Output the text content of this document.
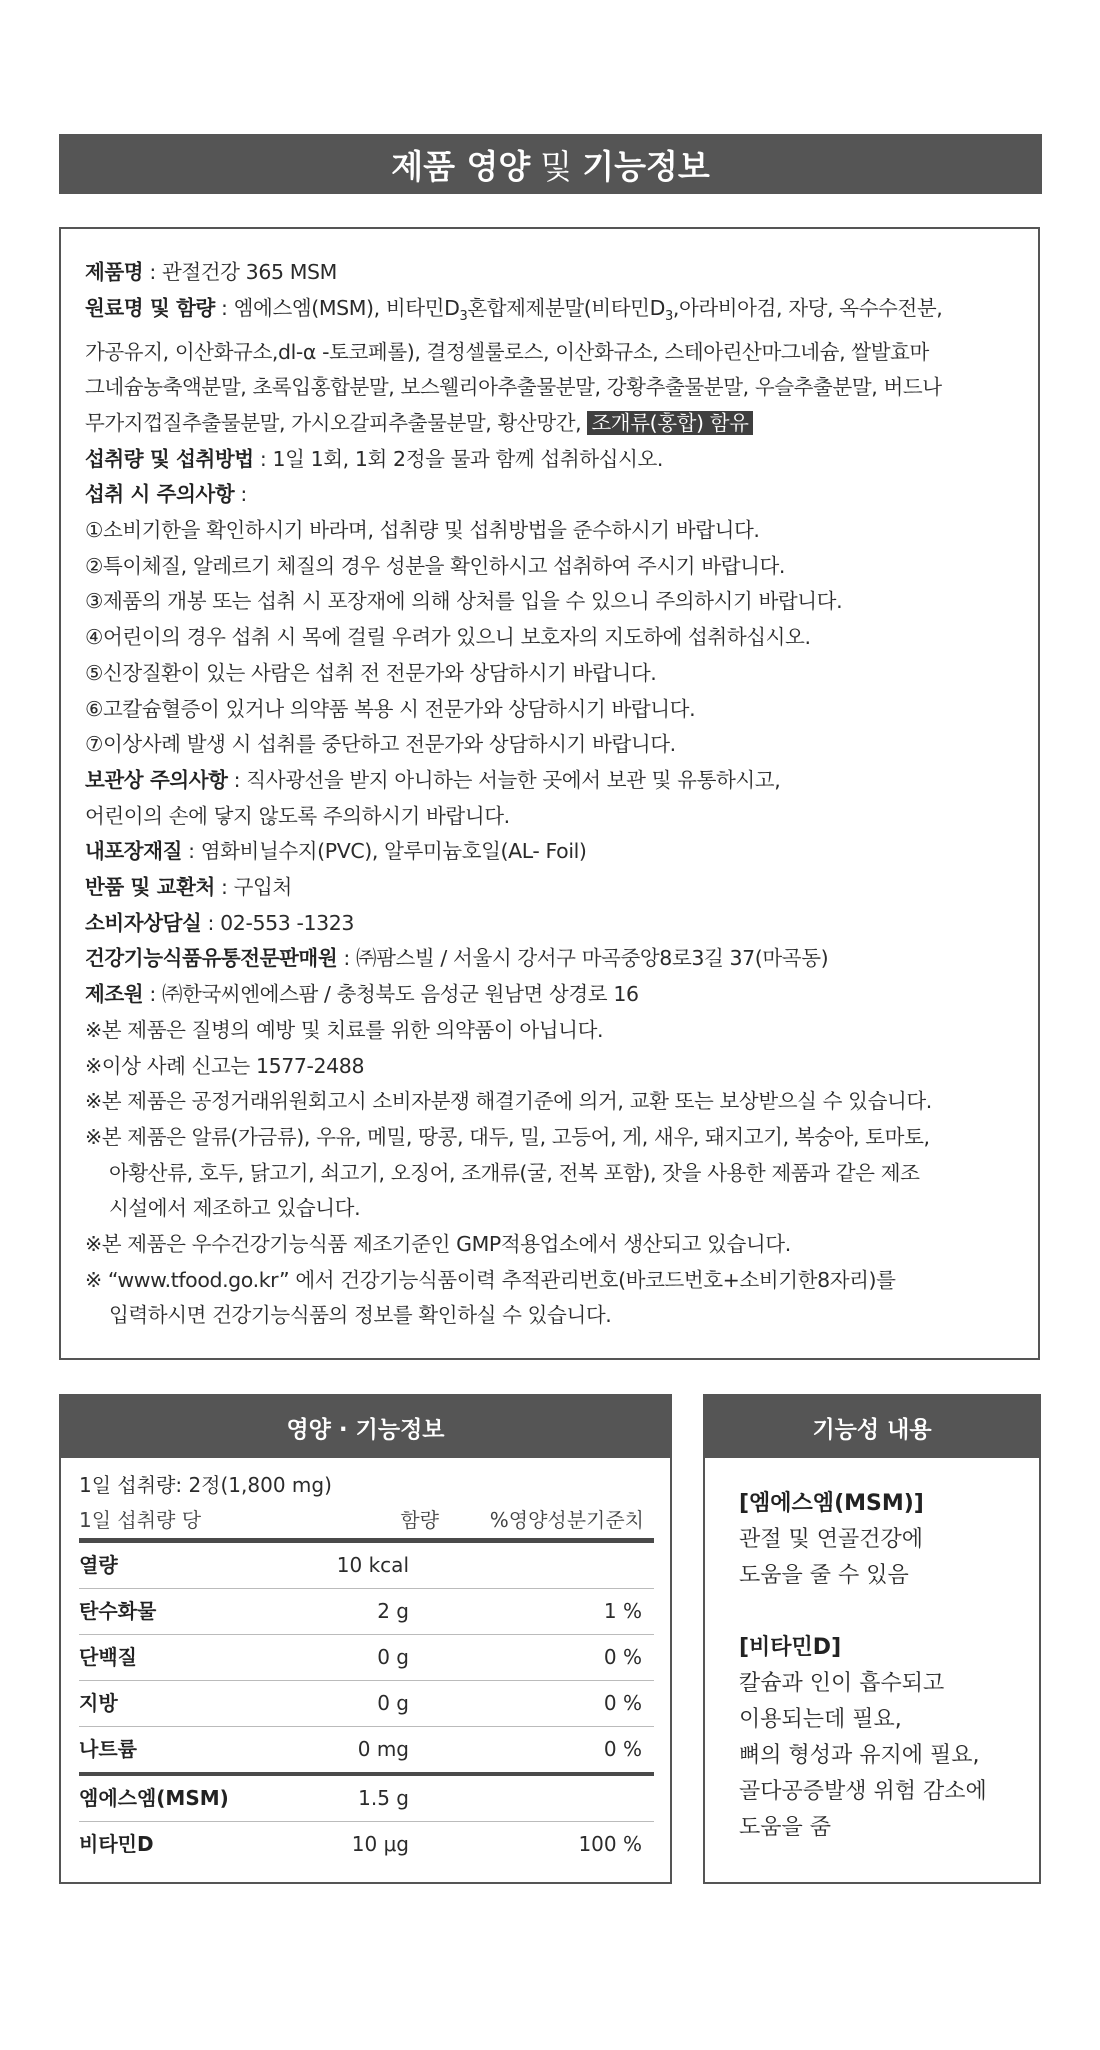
제품 영양 및 기능정보

제품명 : 관절건강 365 MSM

원료명 및 함량 : 엠에스엠(MSM), 비타민$D_3$혼합제제분말(비타민$D_3$,아라비아검, 자당, 옥수수전분,

가공유지, 이산화규소,dl-α -토코페롤), 결정셀룰로스, 이산화규소, 스테아린산마그네슘, 쌀발효마

그네슘농축액분말, 초록입홍합분말, 보스웰리아추출물분말, 강황추출물분말, 우슬추출분말, 버드나

무가지껍질추출물분말, 가시오갈피추출물분말, 황산망간, 조개류(홍합) 함유

섭취량 및 섭취방법 : 1일 1회, 1회 2정을 물과 함께 섭취하십시오.

섭취 시 주의사항 :

①소비기한을 확인하시기 바라며, 섭취량 및 섭취방법을 준수하시기 바랍니다.

②특이체질, 알레르기 체질의 경우 성분을 확인하시고 섭취하여 주시기 바랍니다.

③제품의 개봉 또는 섭취 시 포장재에 의해 상처를 입을 수 있으니 주의하시기 바랍니다.

④어린이의 경우 섭취 시 목에 걸릴 우려가 있으니 보호자의 지도하에 섭취하십시오.

⑤신장질환이 있는 사람은 섭취 전 전문가와 상담하시기 바랍니다.

⑥고칼슘혈증이 있거나 의약품 복용 시 전문가와 상담하시기 바랍니다.

⑦이상사례 발생 시 섭취를 중단하고 전문가와 상담하시기 바랍니다.

보관상 주의사항 : 직사광선을 받지 아니하는 서늘한 곳에서 보관 및 유통하시고,

어린이의 손에 닿지 않도록 주의하시기 바랍니다.

내포장재질 : 염화비닐수지(PVC), 알루미늄호일(AL- Foil)

반품 및 교환처 : 구입처

소비자상담실 : 02-553 -1323

건강기능식품유통전문판매원 : ㈜팜스빌 / 서울시 강서구 마곡중앙8로3길 37(마곡동)

제조원 : ㈜한국씨엔에스팜 / 충청북도 음성군 원남면 상경로 16

※본 제품은 질병의 예방 및 치료를 위한 의약품이 아닙니다.

※이상 사례 신고는 1577-2488

※본 제품은 공정거래위원회고시 소비자분쟁 해결기준에 의거, 교환 또는 보상받으실 수 있습니다.

※본 제품은 알류(가금류), 우유, 메밀, 땅콩, 대두, 밀, 고등어, 게, 새우, 돼지고기, 복숭아, 토마토,

아황산류, 호두, 닭고기, 쇠고기, 오징어, 조개류(굴, 전복 포함), 잣을 사용한 제품과 같은 제조

시설에서 제조하고 있습니다.

※본 제품은 우수건강기능식품 제조기준인 GMP적용업소에서 생산되고 있습니다.

※ “www.tfood.go.kr” 에서 건강기능식품이력 추적관리번호(바코드번호+소비기한8자리)를

입력하시면 건강기능식품의 정보를 확인하실 수 있습니다.

영양 · 기능정보
1일 섭취량: 2정(1,800 mg)
1일 섭취량 당	함량	%영양성분기준치
열량	10 kcal
탄수화물	2 g	1 %
단백질	0 g	0 %
지방	0 g	0 %
나트륨	0 mg	0 %
엠에스엠(MSM)	1.5 g
비타민D	10 μg	100 %
기능성 내용

[엠에스엠(MSM)]

관절 및 연골건강에

도움을 줄 수 있음

[비타민D]

칼슘과 인이 흡수되고

이용되는데 필요,

뼈의 형성과 유지에 필요,

골다공증발생 위험 감소에

도움을 줌
